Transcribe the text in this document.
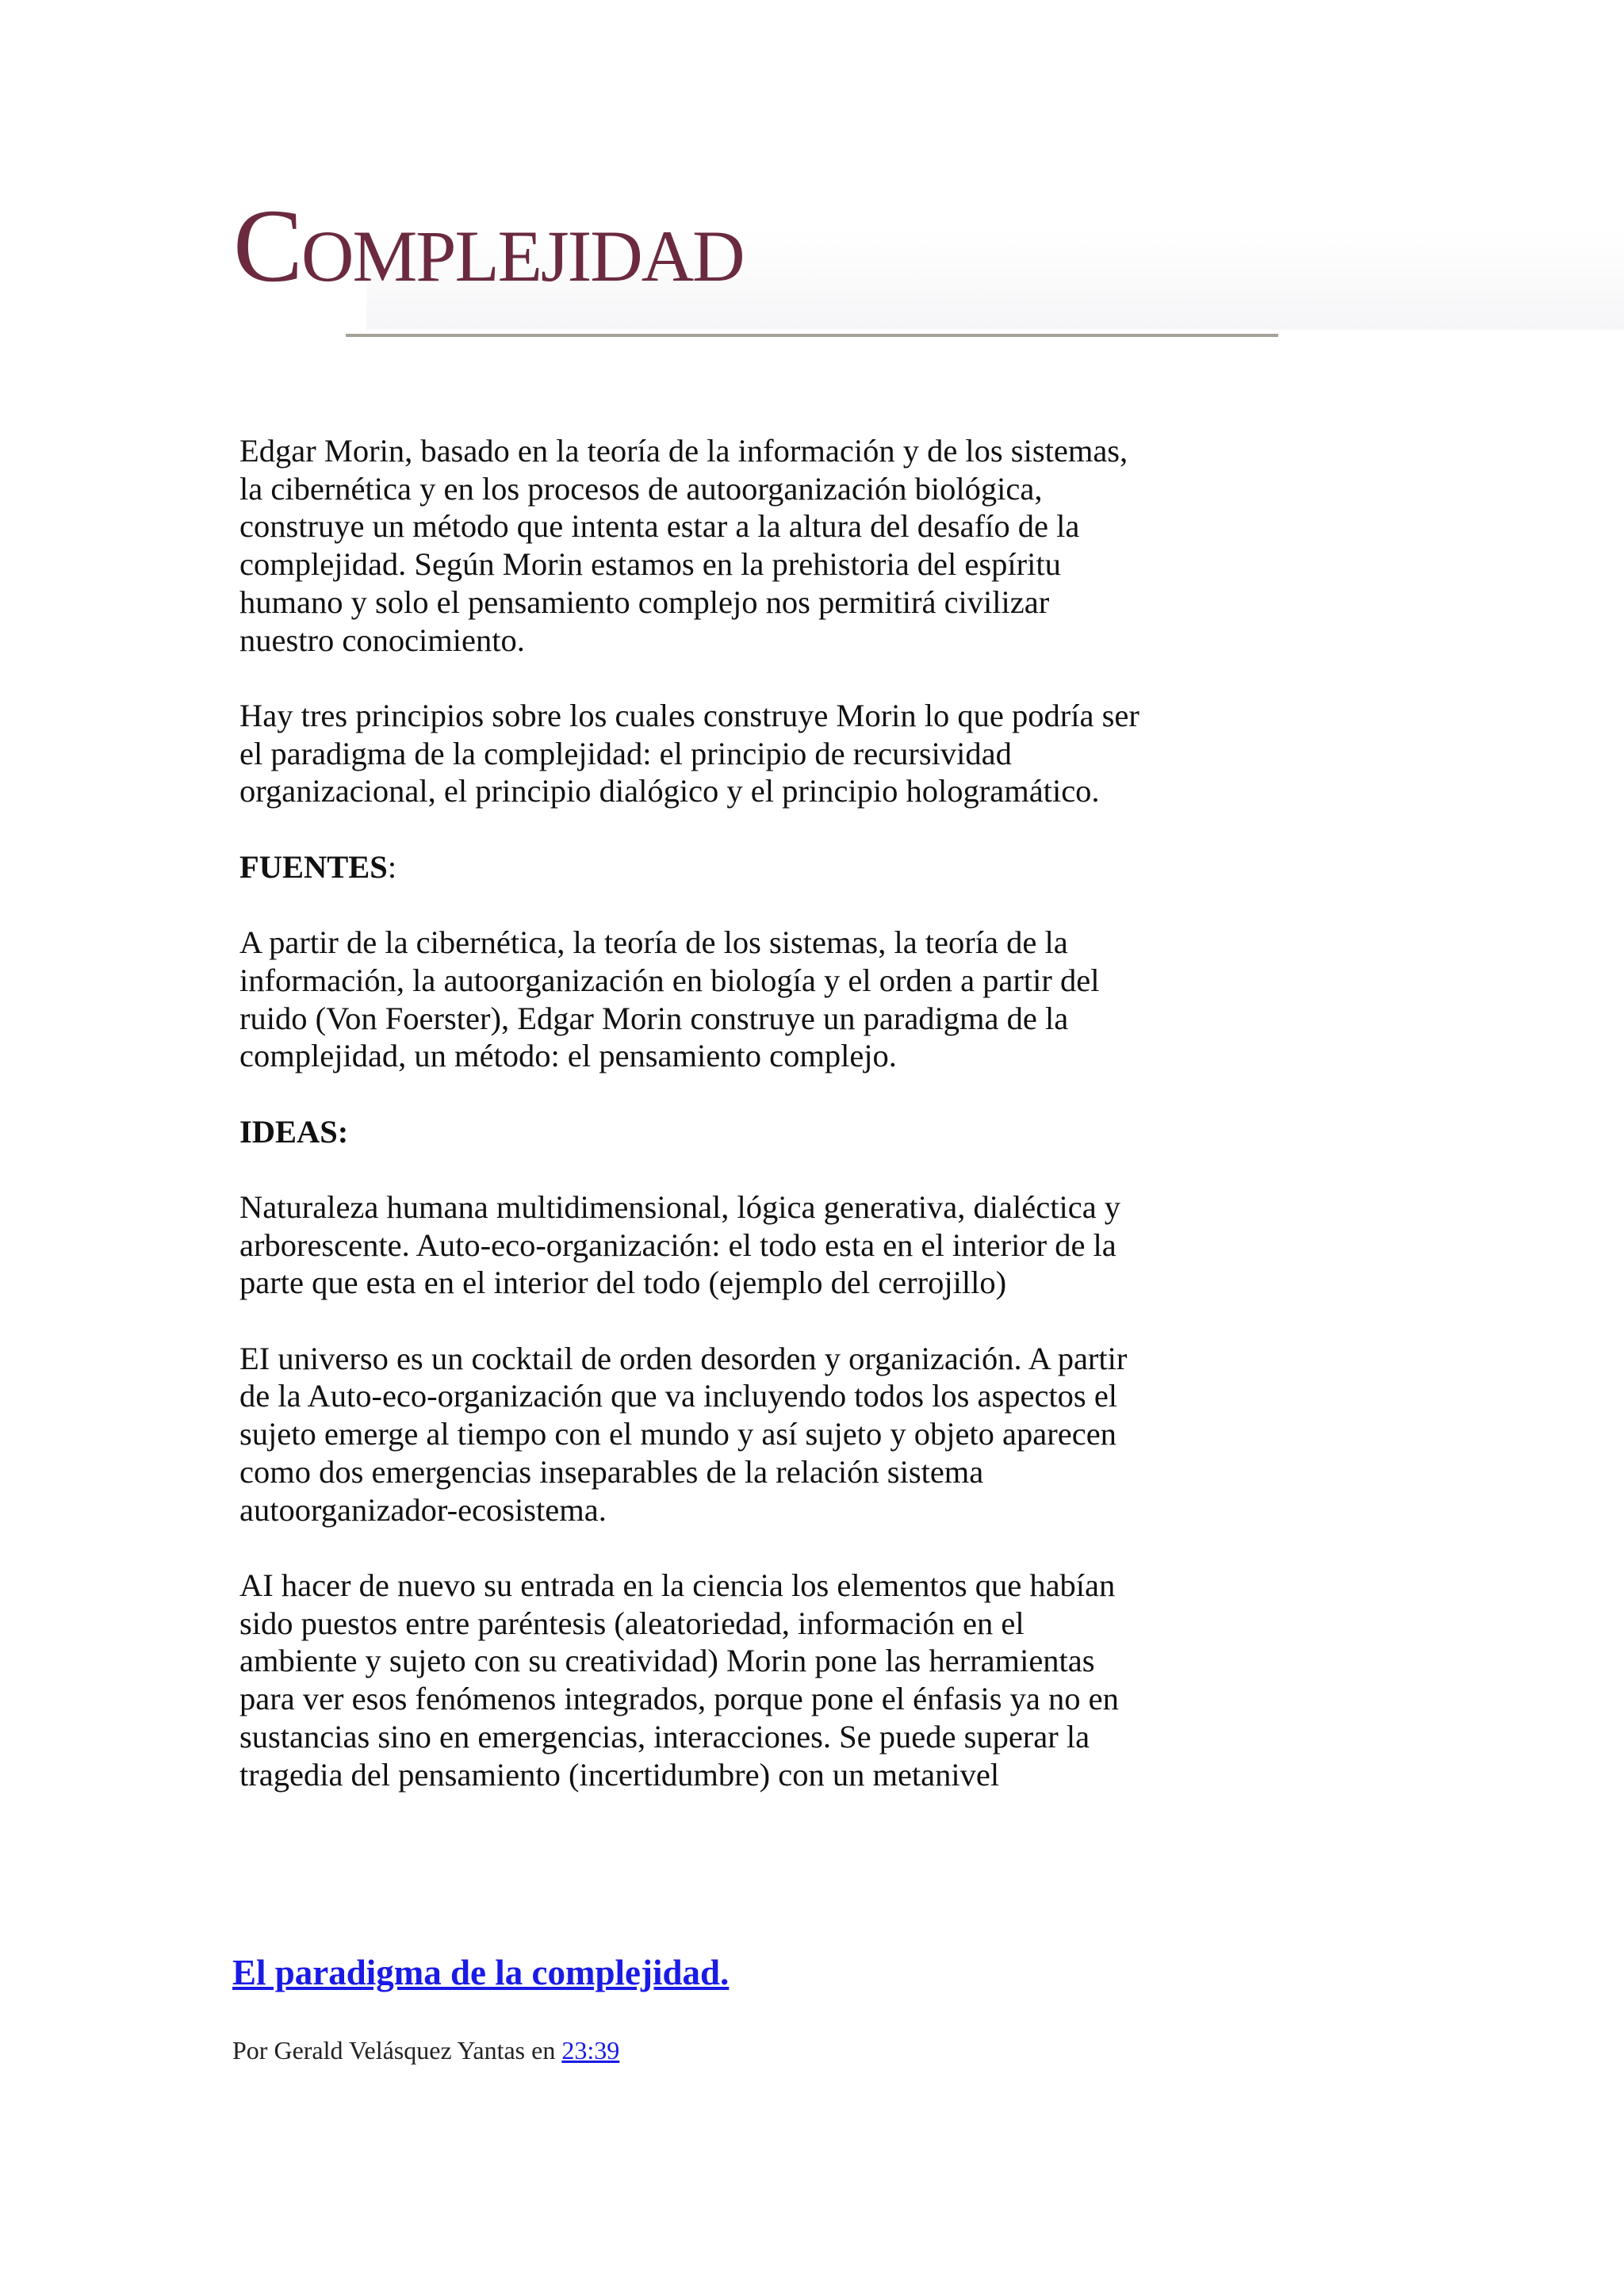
Complejidad

Edgar Morin, basado en la teoría de la información y de los sistemas,
la cibernética y en los procesos de autoorganización biológica,
construye un método que intenta estar a la altura del desafío de la
complejidad. Según Morin estamos en la prehistoria del espíritu
humano y solo el pensamiento complejo nos permitirá civilizar
nuestro conocimiento.

Hay tres principios sobre los cuales construye Morin lo que podría ser
el paradigma de la complejidad: el principio de recursividad
organizacional, el principio dialógico y el principio hologramático.

FUENTES:

A partir de la cibernética, la teoría de los sistemas, la teoría de la
información, la autoorganización en biología y el orden a partir del
ruido (Von Foerster), Edgar Morin construye un paradigma de la
complejidad, un método: el pensamiento complejo.

IDEAS:

Naturaleza humana multidimensional, lógica generativa, dialéctica y
arborescente. Auto-eco-organización: el todo esta en el interior de la
parte que esta en el interior del todo (ejemplo del cerrojillo)

EI universo es un cocktail de orden desorden y organización. A partir
de la Auto-eco-organización que va incluyendo todos los aspectos el
sujeto emerge al tiempo con el mundo y así sujeto y objeto aparecen
como dos emergencias inseparables de la relación sistema
autoorganizador-ecosistema.

AI hacer de nuevo su entrada en la ciencia los elementos que habían
sido puestos entre paréntesis (aleatoriedad, información en el
ambiente y sujeto con su creatividad) Morin pone las herramientas
para ver esos fenómenos integrados, porque pone el énfasis ya no en
sustancias sino en emergencias, interacciones. Se puede superar la
tragedia del pensamiento (incertidumbre) con un metanivel

El paradigma de la complejidad.
Por Gerald Velásquez Yantas en 23:39
